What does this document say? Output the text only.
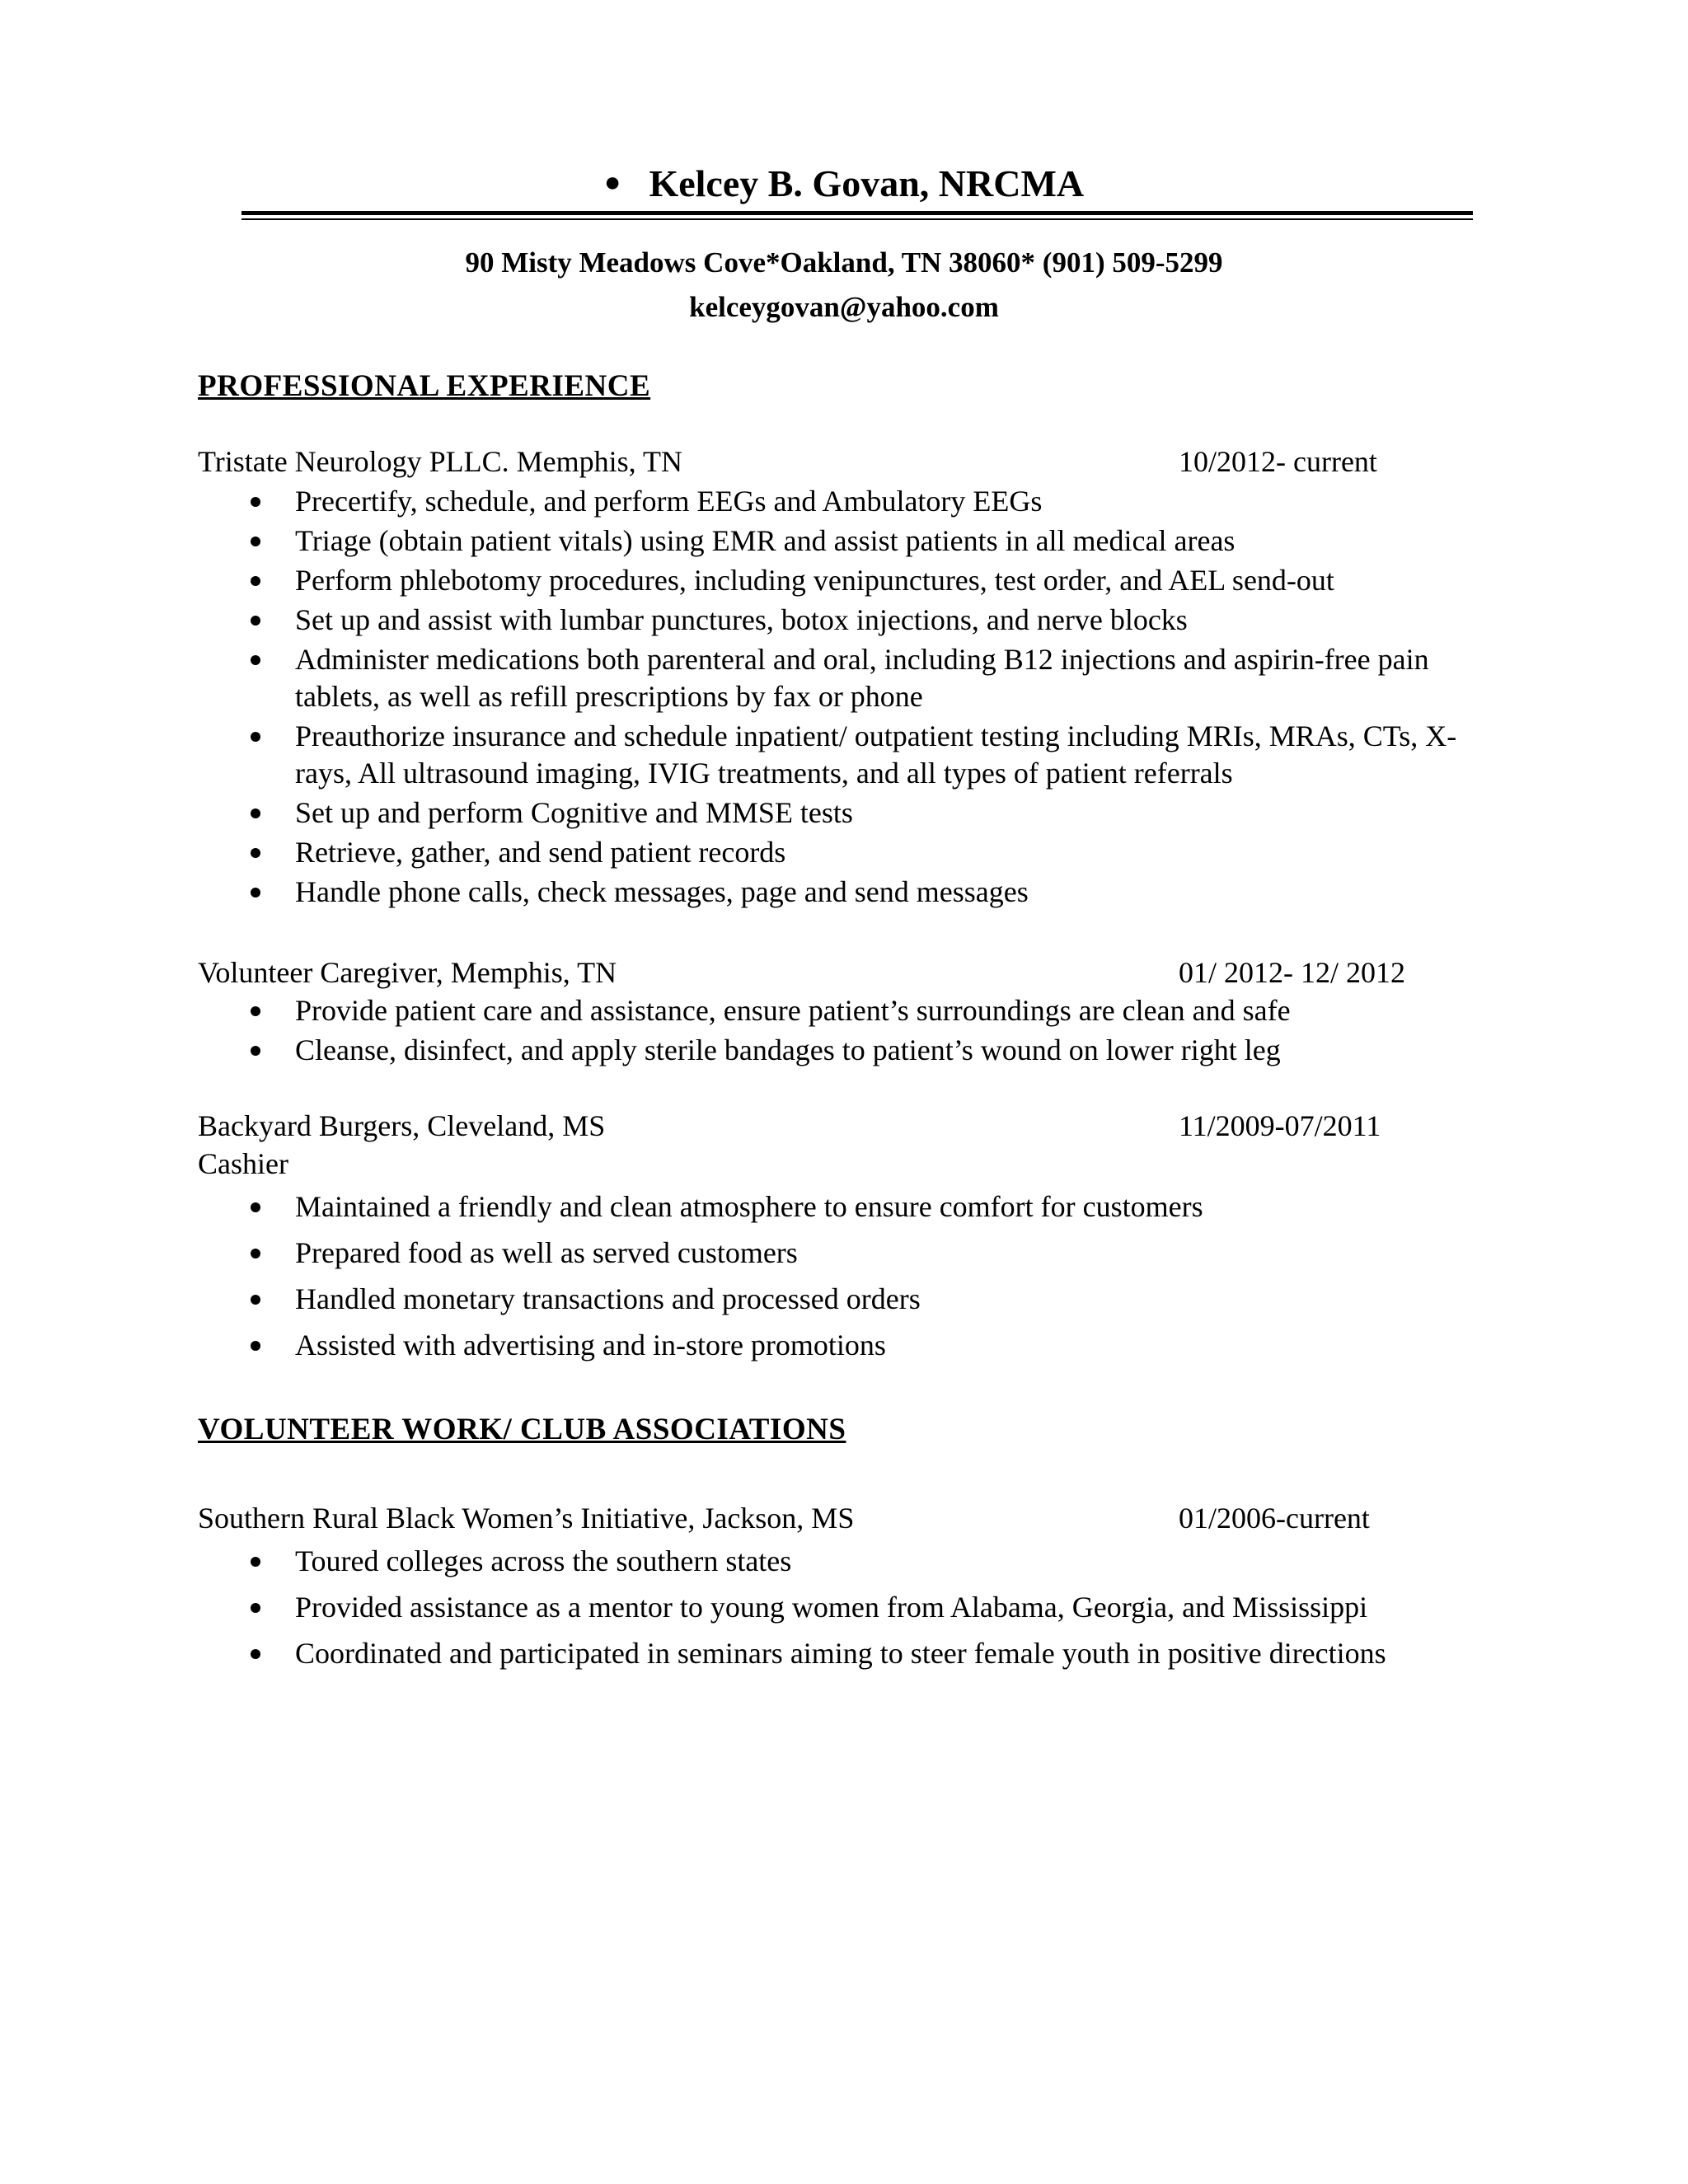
● Kelcey B. Govan, NRCMA
90 Misty Meadows Cove*Oakland, TN 38060* (901) 509-5299
kelceygovan@yahoo.com
PROFESSIONAL EXPERIENCE
Tristate Neurology PLLC. Memphis, TN	10/2012- current
Precertify, schedule, and perform EEGs and Ambulatory EEGs
Triage (obtain patient vitals) using EMR and assist patients in all medical areas
Perform phlebotomy procedures, including venipunctures, test order, and AEL send-out
Set up and assist with lumbar punctures, botox injections, and nerve blocks
Administer medications both parenteral and oral, including B12 injections and aspirin-free pain tablets, as well as refill prescriptions by fax or phone
Preauthorize insurance and schedule inpatient/ outpatient testing including MRIs, MRAs, CTs, X-rays, All ultrasound imaging, IVIG treatments, and all types of patient referrals
Set up and perform Cognitive and MMSE tests
Retrieve, gather, and send patient records
Handle phone calls, check messages, page and send messages
Volunteer Caregiver, Memphis, TN	01/ 2012- 12/ 2012
Provide patient care and assistance, ensure patient’s surroundings are clean and safe
Cleanse, disinfect, and apply sterile bandages to patient’s wound on lower right leg
Backyard Burgers, Cleveland, MS	11/2009-07/2011
Cashier
Maintained a friendly and clean atmosphere to ensure comfort for customers
Prepared food as well as served customers
Handled monetary transactions and processed orders
Assisted with advertising and in-store promotions
VOLUNTEER WORK/ CLUB ASSOCIATIONS
Southern Rural Black Women’s Initiative, Jackson, MS	01/2006-current
Toured colleges across the southern states
Provided assistance as a mentor to young women from Alabama, Georgia, and Mississippi
Coordinated and participated in seminars aiming to steer female youth in positive directions
